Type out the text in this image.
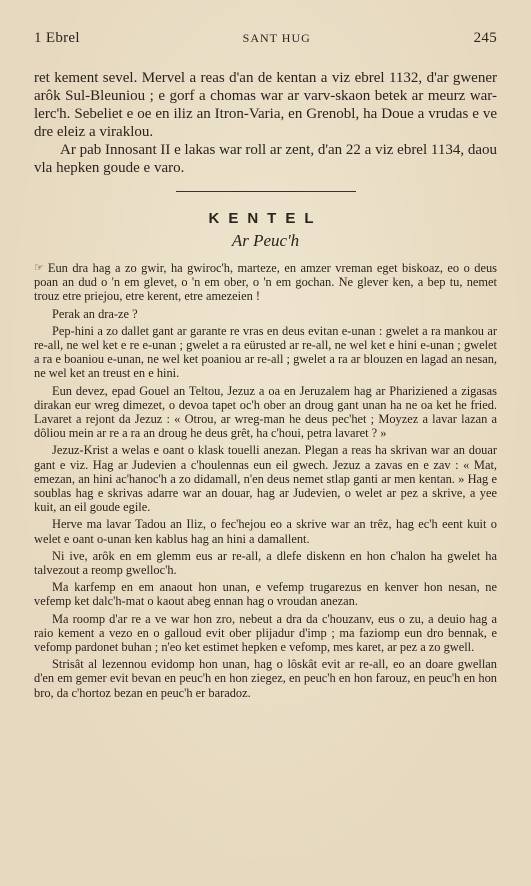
1 Ebrel	SANT HUG	245

ret kement sevel. Mervel a reas d'an de kentan a viz ebrel 1132, d'ar gwener arôk Sul-Bleuniou ; e gorf a chomas war ar varv-skaon betek ar meurz war-lerc'h. Sebeliet e oe en iliz an Itron-Varia, en Grenobl, ha Doue a vrudas e ve dre eleiz a viraklou.

Ar pab Innosant II e lakas war roll ar zent, d'an 22 a viz ebrel 1134, daou vla hepken goude e varo.

KENTEL
Ar Peuc'h

☞ Eun dra hag a zo gwir, ha gwiroc'h, marteze, en amzer vreman eget biskoaz, eo o deus poan an dud o 'n em glevet, o 'n em ober, o 'n em gochan. Ne glever ken, a bep tu, nemet trouz etre priejou, etre kerent, etre amezeien !

Perak an dra-ze ?

Pep-hini a zo dallet gant ar garante re vras en deus evitan e-unan : gwelet a ra mankou ar re-all, ne wel ket e re e-unan ; gwelet a ra eürusted ar re-all, ne wel ket e hini e-unan ; gwelet a ra e boaniou e-unan, ne wel ket poaniou ar re-all ; gwelet a ra ar blouzen en lagad an nesan, ne wel ket an treust en e hini.

Eun devez, epad Gouel an Teltou, Jezuz a oa en Jeruzalem hag ar Phariziened a zigasas dirakan eur wreg dimezet, o devoa tapet oc'h ober an droug gant unan ha ne oa ket he fried. Lavaret a rejont da Jezuz : « Otrou, ar wreg-man he deus pec'het ; Moyzez a lavar lazan a dôliou mein ar re a ra an droug he deus grêt, ha c'houi, petra lavaret ? »

Jezuz-Krist a welas e oant o klask touelli anezan. Plegan a reas ha skrivan war an douar gant e viz. Hag ar Judevien a c'houlennas eun eil gwech. Jezuz a zavas en e zav : « Mat, emezan, an hini ac'hanoc'h a zo didamall, n'en deus nemet stlap ganti ar men kentan. » Hag e soublas hag e skrivas adarre war an douar, hag ar Judevien, o welet ar pez a skrive, a yee kuit, an eil goude egile.

Herve ma lavar Tadou an Iliz, o fec'hejou eo a skrive war an trêz, hag ec'h eent kuit o welet e oant o-unan ken kablus hag an hini a damallent.

Ni ive, arôk en em glemm eus ar re-all, a dlefe diskenn en hon c'halon ha gwelet ha talvezout a reomp gwelloc'h.

Ma karfemp en em anaout hon unan, e vefemp trugarezus en kenver hon nesan, ne vefemp ket dalc'h-mat o kaout abeg ennan hag o vroudan anezan.

Ma roomp d'ar re a ve war hon zro, nebeut a dra da c'houzanv, eus o zu, a deuio hag a raio kement a vezo en o galloud evit ober plijadur d'imp ; ma faziomp eun dro bennak, e vefomp pardonet buhan ; n'eo ket estimet hepken e vefomp, mes karet, ar pez a zo gwell.

Strisât al lezennou evidomp hon unan, hag o lôskât evit ar re-all, eo an doare gwellan d'en em gemer evit bevan en peuc'h en hon ziegez, en peuc'h en hon farouz, en peuc'h en hon bro, da c'hortoz bezan en peuc'h er baradoz.
